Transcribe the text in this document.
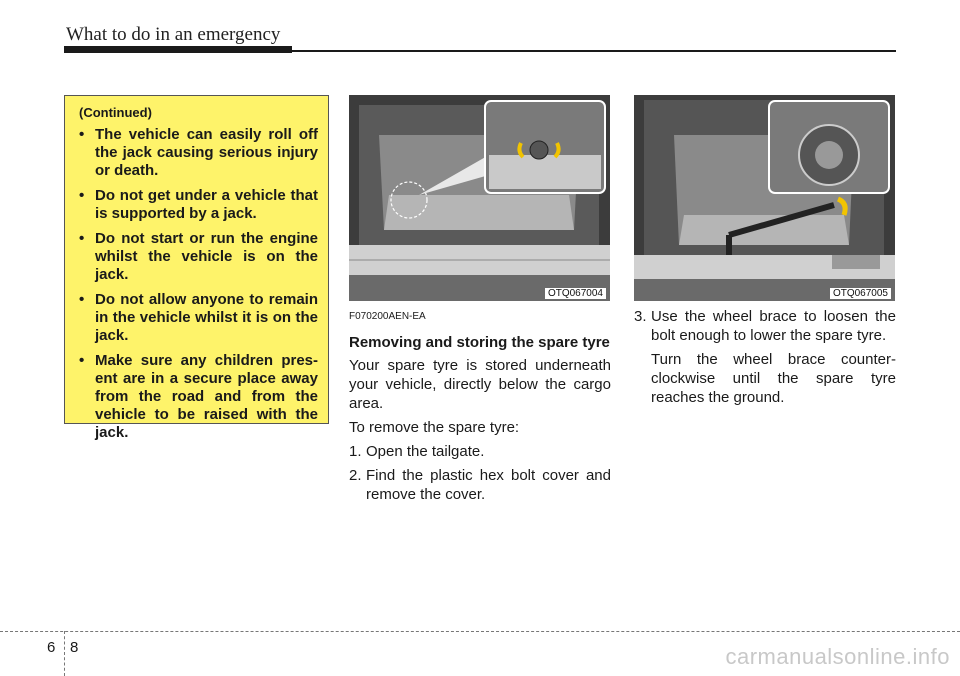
What to do in an emergency
(Continued)
• The vehicle can easily roll off the jack causing serious injury or death.
• Do not get under a vehicle that is supported by a jack.
• Do not start or run the engine whilst the vehicle is on the jack.
• Do not allow anyone to remain in the vehicle whilst it is on the jack.
• Make sure any children pres-ent are in a secure place away from the road and from the vehicle to be raised with the jack.
OTQ067004	OTQ067005
F070200AEN-EA
Removing and storing the spare tyre
Your spare tyre is stored underneath your vehicle, directly below the cargo area.
To remove the spare tyre:
1. Open the tailgate.
2. Find the plastic hex bolt cover and remove the cover.
3. Use the wheel brace to loosen the bolt enough to lower the spare tyre.
Turn the wheel brace counter-clockwise until the spare tyre reaches the ground.
6 8	carmanualsonline.info
